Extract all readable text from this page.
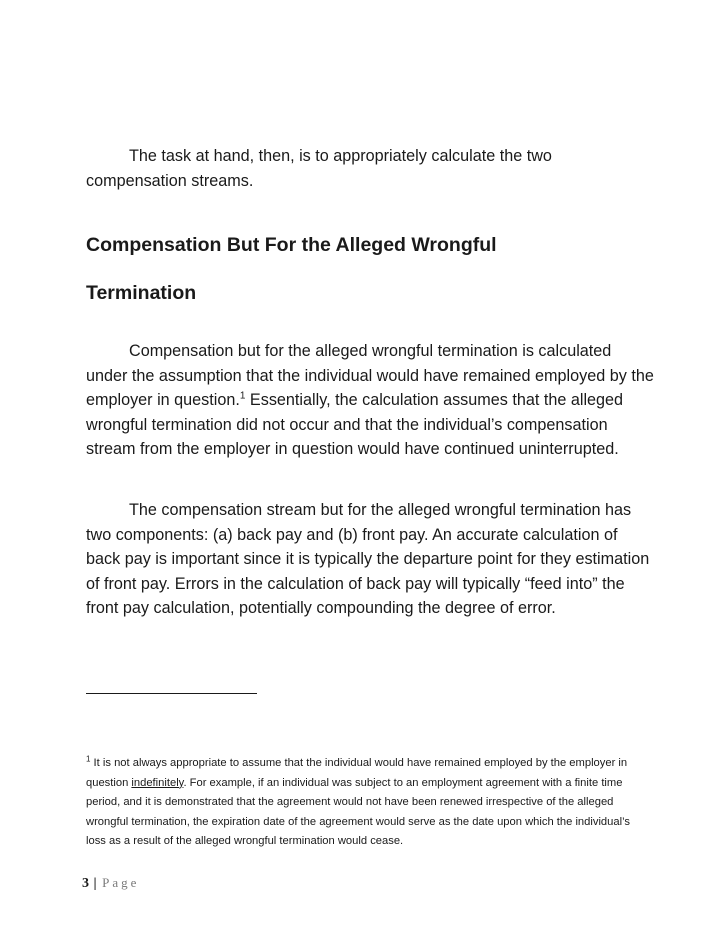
The task at hand, then, is to appropriately calculate the two compensation streams.

Compensation But For the Alleged Wrongful
Termination

Compensation but for the alleged wrongful termination is calculated under the assumption that the individual would have remained employed by the employer in question.$^1$ Essentially, the calculation assumes that the alleged wrongful termination did not occur and that the individual’s compensation stream from the employer in question would have continued uninterrupted.

The compensation stream but for the alleged wrongful termination has two components: (a) back pay and (b) front pay. An accurate calculation of back pay is important since it is typically the departure point for they estimation of front pay. Errors in the calculation of back pay will typically “feed into” the front pay calculation, potentially compounding the degree of error.

$^1$ It is not always appropriate to assume that the individual would have remained employed by the employer in question indefinitely. For example, if an individual was subject to an employment agreement with a finite time period, and it is demonstrated that the agreement would not have been renewed irrespective of the alleged wrongful termination, the expiration date of the agreement would serve as the date upon which the individual’s loss as a result of the alleged wrongful termination would cease.

3 | Page
